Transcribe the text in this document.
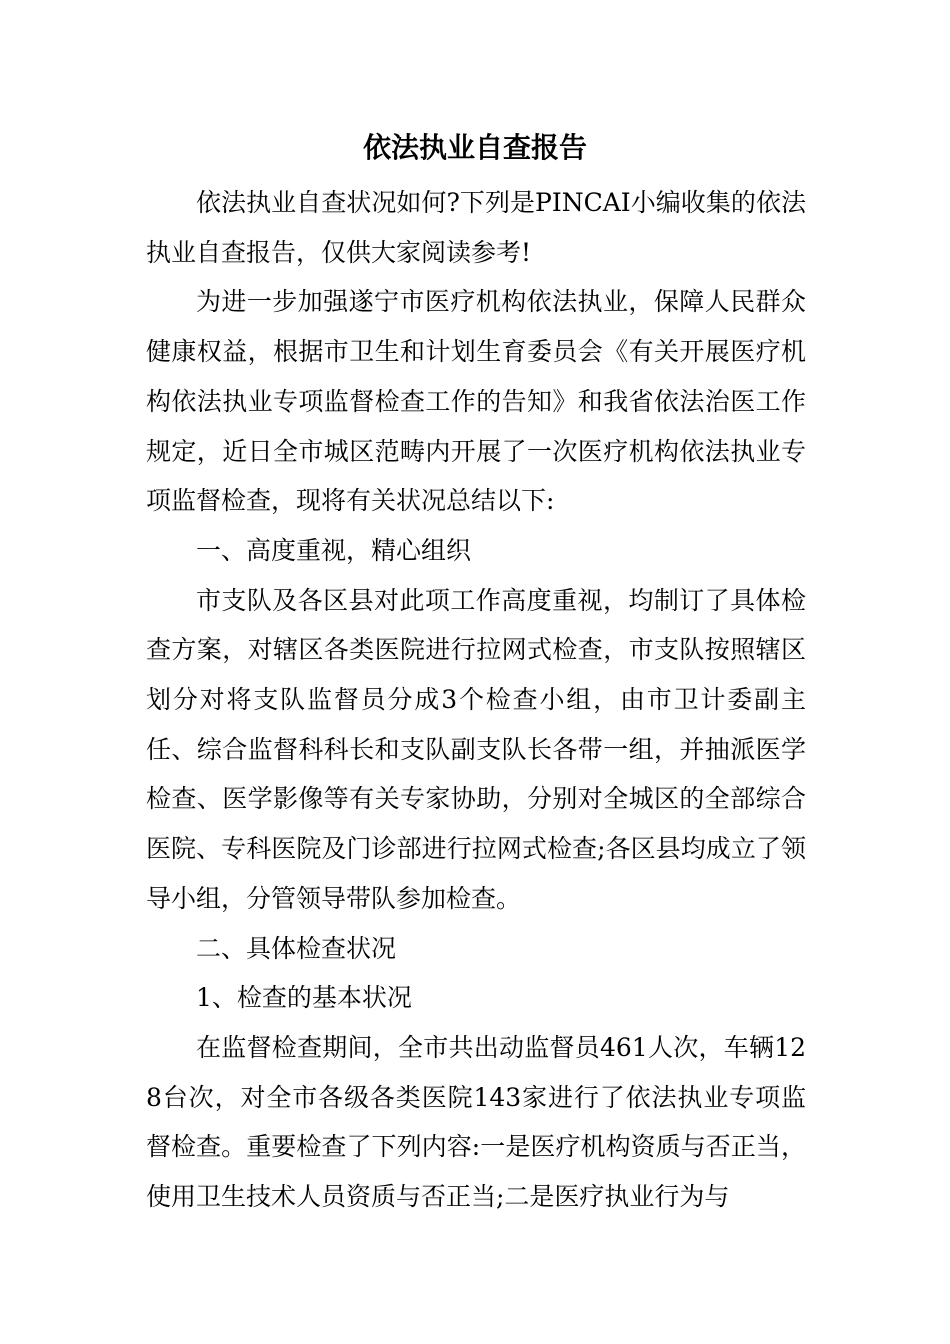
依法执业自查报告

依法执业自查状况如何?下列是PINCAI小编收集的依法执业自查报告，仅供大家阅读参考!

为进一步加强遂宁市医疗机构依法执业，保障人民群众健康权益，根据市卫生和计划生育委员会《有关开展医疗机构依法执业专项监督检查工作的告知》和我省依法治医工作规定，近日全市城区范畴内开展了一次医疗机构依法执业专项监督检查，现将有关状况总结以下:

一、高度重视，精心组织

市支队及各区县对此项工作高度重视，均制订了具体检查方案，对辖区各类医院进行拉网式检查，市支队按照辖区划分对将支队监督员分成3个检查小组，由市卫计委副主任、综合监督科科长和支队副支队长各带一组，并抽派医学检查、医学影像等有关专家协助，分别对全城区的全部综合医院、专科医院及门诊部进行拉网式检查;各区县均成立了领导小组，分管领导带队参加检查。

二、具体检查状况

1、检查的基本状况

在监督检查期间，全市共出动监督员461人次，车辆128台次，对全市各级各类医院143家进行了依法执业专项监督检查。重要检查了下列内容:一是医疗机构资质与否正当，使用卫生技术人员资质与否正当;二是医疗执业行为与
